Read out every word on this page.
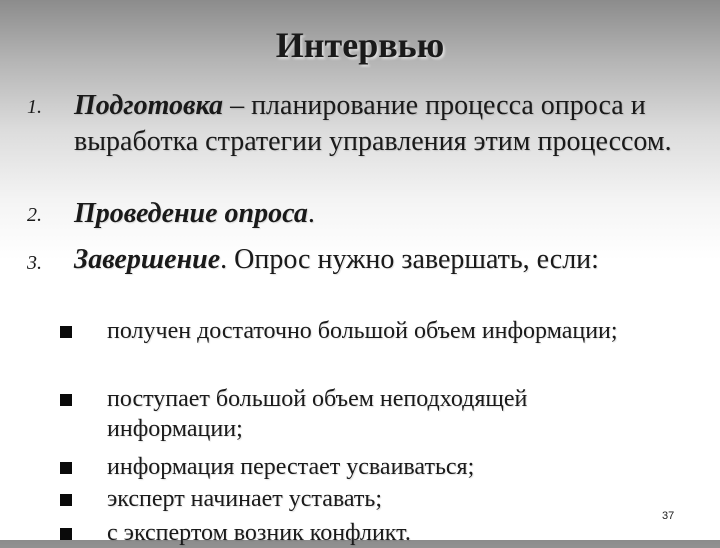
Интервью
1. Подготовка – планирование процесса опроса и выработка стратегии управления этим процессом.
2. Проведение опроса.
3. Завершение. Опрос нужно завершать, если:
получен достаточно большой объем информации;
поступает большой объем неподходящей информации;
информация перестает усваиваться;
эксперт начинает уставать;
с экспертом возник конфликт.
37
